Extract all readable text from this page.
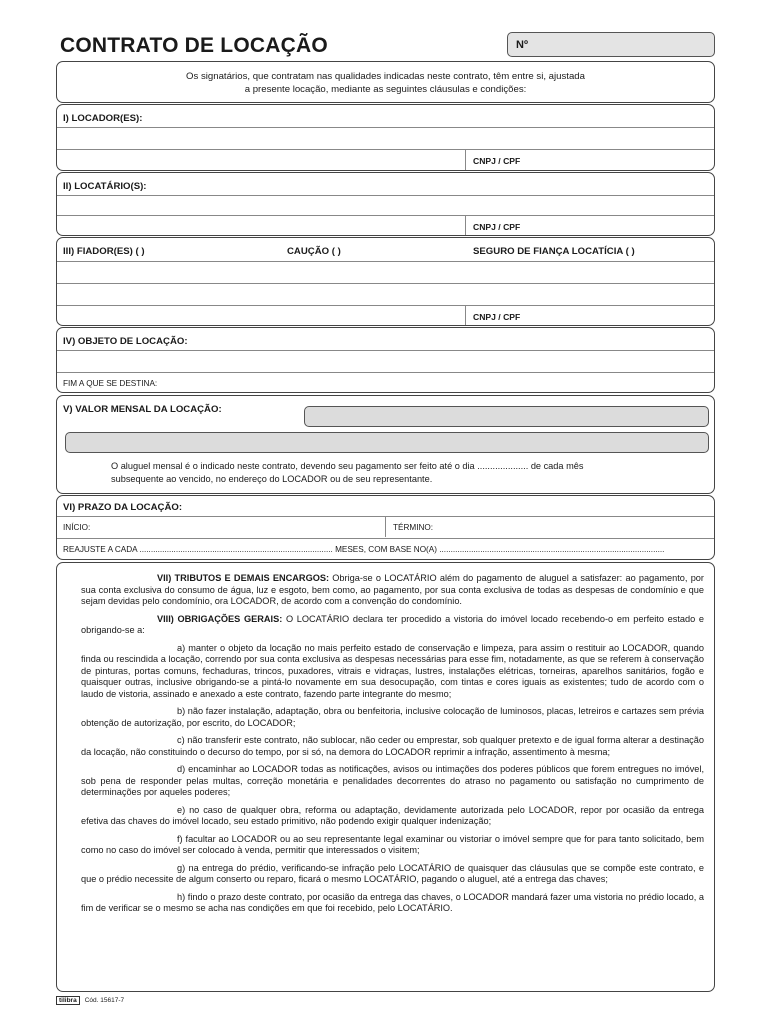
CONTRATO DE LOCAÇÃO	Nº
Os signatários, que contratam nas qualidades indicadas neste contrato, têm entre si, ajustada
a presente locação, mediante as seguintes cláusulas e condições:
I) LOCADOR(ES):
CNPJ / CPF
II) LOCATÁRIO(S):
CNPJ / CPF
III) FIADOR(ES) ( )	CAUÇÃO ( )	SEGURO DE FIANÇA LOCATÍCIA ( )
CNPJ / CPF
IV) OBJETO DE LOCAÇÃO:
FIM A QUE SE DESTINA:
V) VALOR MENSAL DA LOCAÇÃO:
O aluguel mensal é o indicado neste contrato, devendo seu pagamento ser feito até o dia .................... de cada mês
subsequente ao vencido, no endereço do LOCADOR ou de seu representante.
VI) PRAZO DA LOCAÇÃO:
INÍCIO:	TÉRMINO:
REAJUSTE A CADA ..................................................................................... MESES, COM BASE NO(A) ...................................................................................................

VII) TRIBUTOS E DEMAIS ENCARGOS: Obriga-se o LOCATÁRIO além do pagamento de aluguel a satisfazer: ao pagamento, por sua conta exclusiva do consumo de água, luz e esgoto, bem como, ao pagamento, por sua conta exclusiva de todas as despesas de condomínio e que sejam devidas pelo condomínio, ora LOCADOR, de acordo com a convenção do condomínio.

VIII) OBRIGAÇÕES GERAIS: O LOCATÁRIO declara ter procedido a vistoria do imóvel locado recebendo-o em perfeito estado e obrigando-se a:

a) manter o objeto da locação no mais perfeito estado de conservação e limpeza, para assim o restituir ao LOCADOR, quando finda ou rescindida a locação, correndo por sua conta exclusiva as despesas necessárias para esse fim, notadamente, as que se referem à conservação de pinturas, portas comuns, fechaduras, trincos, puxadores, vitrais e vidraças, lustres, instalações elétricas, torneiras, aparelhos sanitários, fogão e quaisquer outras, inclusive obrigando-se a pintá-lo novamente em sua desocupação, com tintas e cores iguais as existentes; tudo de acordo com o laudo de vistoria, assinado e anexado a este contrato, fazendo parte integrante do mesmo;

b) não fazer instalação, adaptação, obra ou benfeitoria, inclusive colocação de luminosos, placas, letreiros e cartazes sem prévia obtenção de autorização, por escrito, do LOCADOR;

c) não transferir este contrato, não sublocar, não ceder ou emprestar, sob qualquer pretexto e de igual forma alterar a destinação da locação, não constituindo o decurso do tempo, por si só, na demora do LOCADOR reprimir a infração, assentimento à mesma;

d) encaminhar ao LOCADOR todas as notificações, avisos ou intimações dos poderes públicos que forem entregues no imóvel, sob pena de responder pelas multas, correção monetária e penalidades decorrentes do atraso no pagamento ou satisfação no cumprimento de determinações por aqueles poderes;

e) no caso de qualquer obra, reforma ou adaptação, devidamente autorizada pelo LOCADOR, repor por ocasião da entrega efetiva das chaves do imóvel locado, seu estado primitivo, não podendo exigir qualquer indenização;

f) facultar ao LOCADOR ou ao seu representante legal examinar ou vistoriar o imóvel sempre que for para tanto solicitado, bem como no caso do imóvel ser colocado à venda, permitir que interessados o visitem;

g) na entrega do prédio, verificando-se infração pelo LOCATÁRIO de quaisquer das cláusulas que se compõe este contrato, e que o prédio necessite de algum conserto ou reparo, ficará o mesmo LOCATÁRIO, pagando o aluguel, até a entrega das chaves;

h) findo o prazo deste contrato, por ocasião da entrega das chaves, o LOCADOR mandará fazer uma vistoria no prédio locado, a fim de verificar se o mesmo se acha nas condições em que foi recebido, pelo LOCATÁRIO.

tilibra	Cód. 15617-7
